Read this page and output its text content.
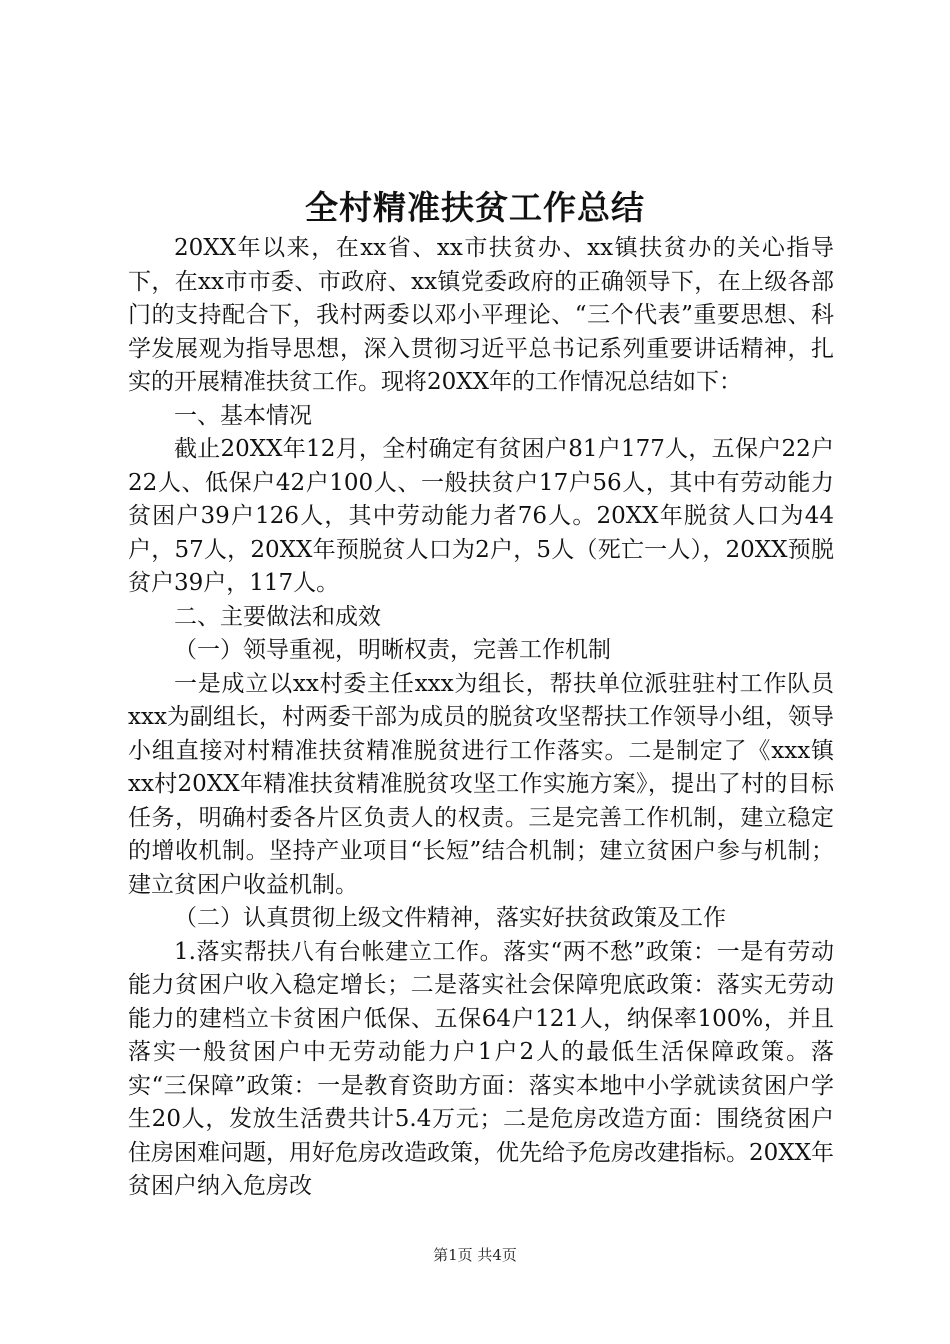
全村精准扶贫工作总结

20XX年以来，在xx省、xx市扶贫办、xx镇扶贫办的关心指导下，在xx市市委、市政府、xx镇党委政府的正确领导下，在上级各部门的支持配合下，我村两委以邓小平理论、“三个代表”重要思想、科学发展观为指导思想，深入贯彻习近平总书记系列重要讲话精神，扎实的开展精准扶贫工作。现将20XX年的工作情况总结如下：

一、基本情况

截止20XX年12月，全村确定有贫困户81户177人，五保户22户22人、低保户42户100人、一般扶贫户17户56人，其中有劳动能力贫困户39户126人，其中劳动能力者76人。20XX年脱贫人口为44户，57人，20XX年预脱贫人口为2户，5人（死亡一人），20XX预脱贫户39户，117人。

二、主要做法和成效

（一）领导重视，明晰权责，完善工作机制

一是成立以xx村委主任xxx为组长，帮扶单位派驻驻村工作队员xxx为副组长，村两委干部为成员的脱贫攻坚帮扶工作领导小组，领导小组直接对村精准扶贫精准脱贫进行工作落实。二是制定了《xxx镇xx村20XX年精准扶贫精准脱贫攻坚工作实施方案》，提出了村的目标任务，明确村委各片区负责人的权责。三是完善工作机制，建立稳定的增收机制。坚持产业项目“长短”结合机制；建立贫困户参与机制；建立贫困户收益机制。

（二）认真贯彻上级文件精神，落实好扶贫政策及工作

1.落实帮扶八有台帐建立工作。落实“两不愁”政策：一是有劳动能力贫困户收入稳定增长；二是落实社会保障兜底政策：落实无劳动能力的建档立卡贫困户低保、五保64户121人，纳保率100%，并且落实一般贫困户中无劳动能力户1户2人的最低生活保障政策。落实“三保障”政策：一是教育资助方面：落实本地中小学就读贫困户学生20人，发放生活费共计5.4万元；二是危房改造方面：围绕贫困户住房困难问题，用好危房改造政策，优先给予危房改建指标。20XX年贫困户纳入危房改

第1页 共4页
